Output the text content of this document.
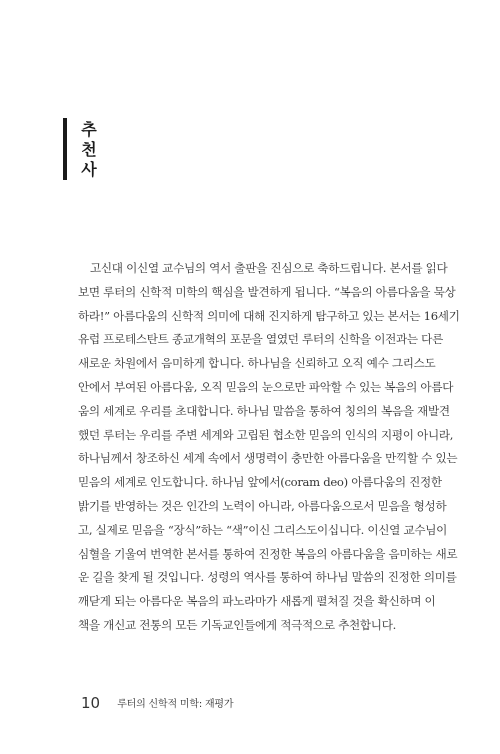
추
천
사
고신대 이신열 교수님의 역서 출판을 진심으로 축하드립니다. 본서를 읽다
보면 루터의 신학적 미학의 핵심을 발견하게 됩니다. “복음의 아름다움을 묵상
하라!” 아름다움의 신학적 의미에 대해 진지하게 탐구하고 있는 본서는 16세기
유럽 프로테스탄트 종교개혁의 포문을 열였던 루터의 신학을 이전과는 다른
새로운 차원에서 음미하게 합니다. 하나님을 신뢰하고 오직 예수 그리스도
안에서 부여된 아름다움, 오직 믿음의 눈으로만 파악할 수 있는 복음의 아름다
움의 세계로 우리를 초대합니다. 하나님 말씀을 통하여 칭의의 복음을 재발견
했던 루터는 우리를 주변 세계와 고립된 협소한 믿음의 인식의 지평이 아니라,
하나님께서 창조하신 세계 속에서 생명력이 충만한 아름다움을 만끽할 수 있는
믿음의 세계로 인도합니다. 하나님 앞에서(coram deo) 아름다움의 진정한
밝기를 반영하는 것은 인간의 노력이 아니라, 아름다움으로서 믿음을 형성하
고, 실제로 믿음을 “장식”하는 “색”이신 그리스도이십니다. 이신열 교수님이
심혈을 기울여 번역한 본서를 통하여 진정한 복음의 아름다움을 음미하는 새로
운 길을 찾게 될 것입니다. 성령의 역사를 통하여 하나님 말씀의 진정한 의미를
깨닫게 되는 아름다운 복음의 파노라마가 새롭게 펼쳐질 것을 확신하며 이
책을 개신교 전통의 모든 기독교인들에게 적극적으로 추천합니다.
10 루터의 신학적 미학: 재평가
